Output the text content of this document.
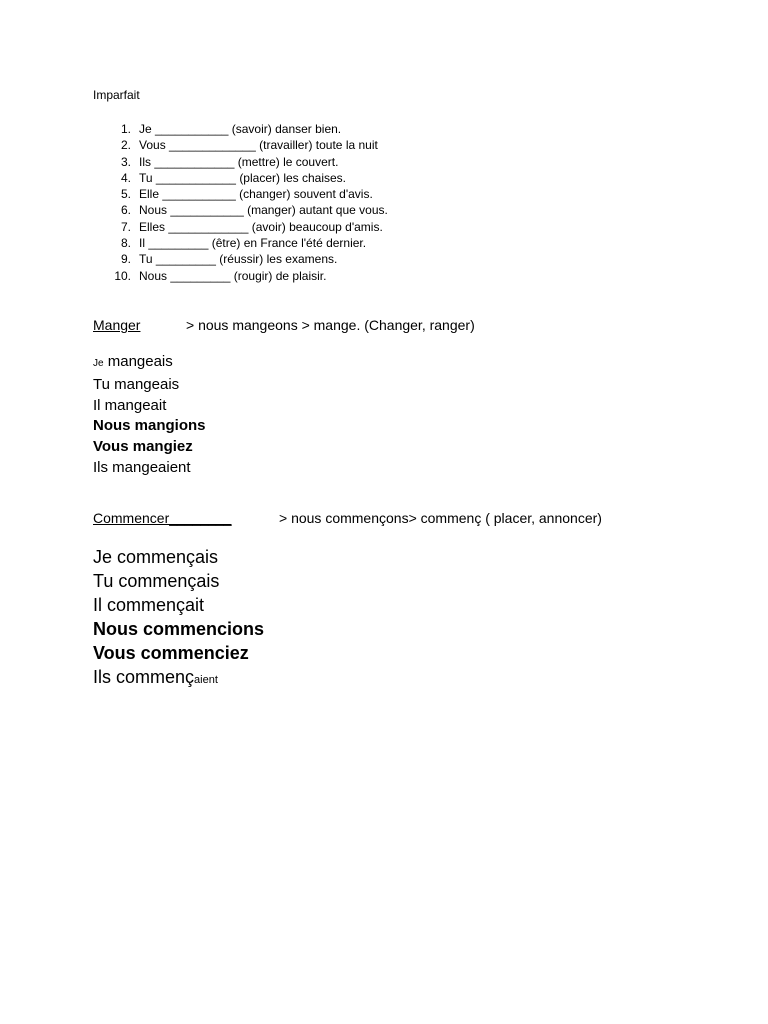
Imparfait
1. Je ___________ (savoir) danser bien.
2. Vous _____________ (travailler) toute la nuit
3. Ils ____________ (mettre) le couvert.
4. Tu ____________ (placer) les chaises.
5. Elle ___________ (changer) souvent d'avis.
6. Nous ___________ (manger) autant que vous.
7. Elles ____________ (avoir) beaucoup d'amis.
8. Il _________ (être) en France l'été dernier.
9. Tu _________ (réussir) les examens.
10. Nous _________ (rougir) de plaisir.
Manger	> nous mangeons > mange. (Changer, ranger)
Je mangeais
Tu mangeais
Il mangeait
Nous mangions
Vous mangiez
Ils mangeaient
Commencer________	> nous commençons> commenç ( placer, annoncer)
Je commençais
Tu commençais
Il commençait
Nous commencions
Vous commenciez
Ils commençaient
